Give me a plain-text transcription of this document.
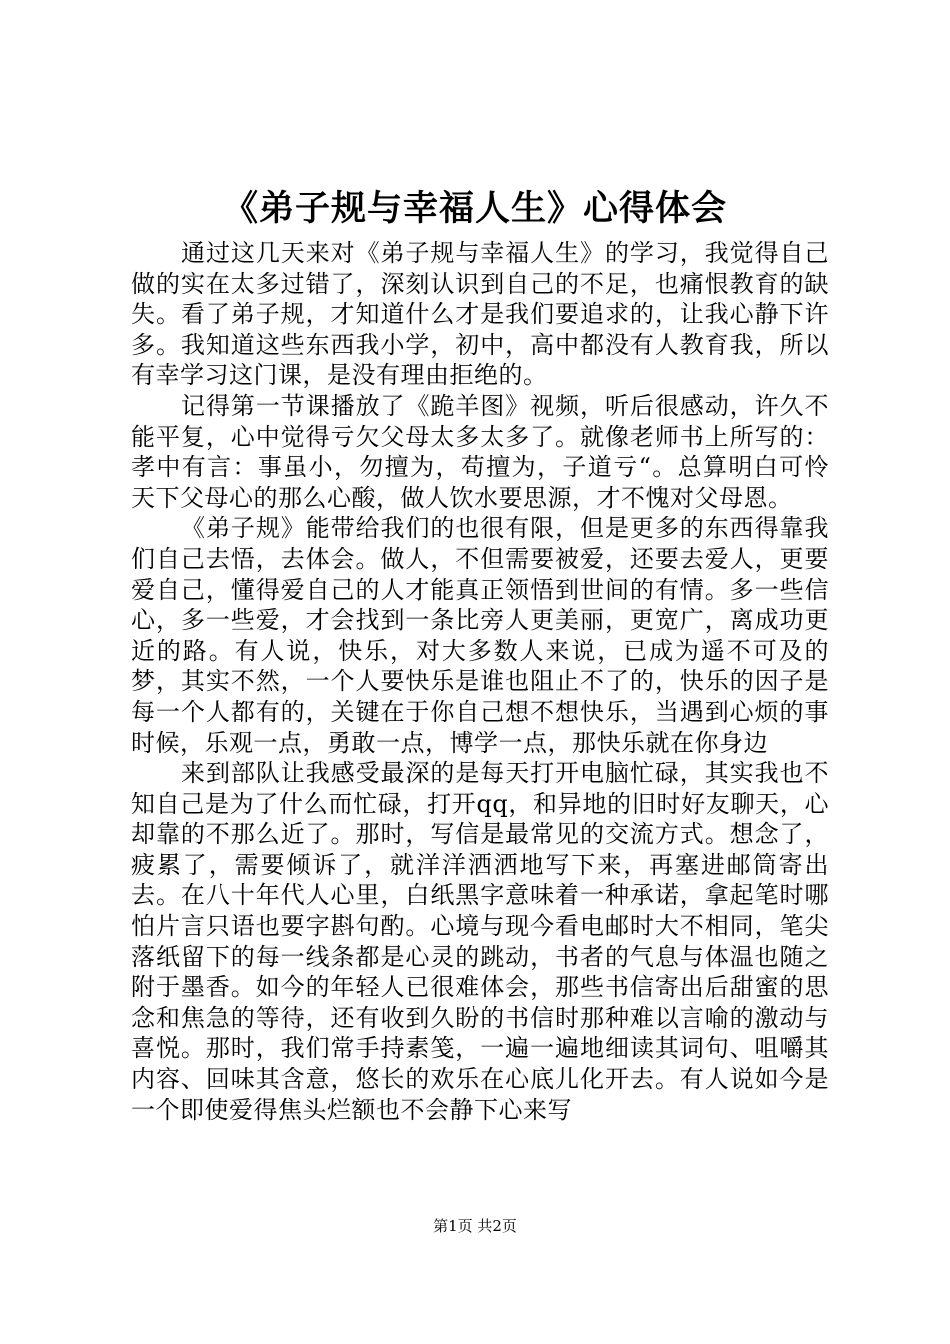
《弟子规与幸福人生》心得体会

通过这几天来对《弟子规与幸福人生》的学习，我觉得自己做的实在太多过错了，深刻认识到自己的不足，也痛恨教育的缺失。看了弟子规，才知道什么才是我们要追求的，让我心静下许多。我知道这些东西我小学，初中，高中都没有人教育我，所以有幸学习这门课，是没有理由拒绝的。

记得第一节课播放了《跪羊图》视频，听后很感动，许久不能平复，心中觉得亏欠父母太多太多了。就像老师书上所写的：孝中有言：事虽小，勿擅为，苟擅为，子道亏“。总算明白可怜天下父母心的那么心酸，做人饮水要思源，才不愧对父母恩。

《弟子规》能带给我们的也很有限，但是更多的东西得靠我们自己去悟，去体会。做人，不但需要被爱，还要去爱人，更要爱自己，懂得爱自己的人才能真正领悟到世间的有情。多一些信心，多一些爱，才会找到一条比旁人更美丽，更宽广，离成功更近的路。有人说，快乐，对大多数人来说，已成为遥不可及的梦，其实不然，一个人要快乐是谁也阻止不了的，快乐的因子是每一个人都有的，关键在于你自己想不想快乐，当遇到心烦的事时候，乐观一点，勇敢一点，博学一点，那快乐就在你身边

来到部队让我感受最深的是每天打开电脑忙碌，其实我也不知自己是为了什么而忙碌，打开qq，和异地的旧时好友聊天，心却靠的不那么近了。那时，写信是最常见的交流方式。想念了，疲累了，需要倾诉了，就洋洋洒洒地写下来，再塞进邮筒寄出去。在八十年代人心里，白纸黑字意味着一种承诺，拿起笔时哪怕片言只语也要字斟句酌。心境与现今看电邮时大不相同，笔尖落纸留下的每一线条都是心灵的跳动，书者的气息与体温也随之附于墨香。如今的年轻人已很难体会，那些书信寄出后甜蜜的思念和焦急的等待，还有收到久盼的书信时那种难以言喻的激动与喜悦。那时，我们常手持素笺，一遍一遍地细读其词句、咀嚼其内容、回味其含意，悠长的欢乐在心底儿化开去。有人说如今是一个即使爱得焦头烂额也不会静下心来写

第1页 共2页
